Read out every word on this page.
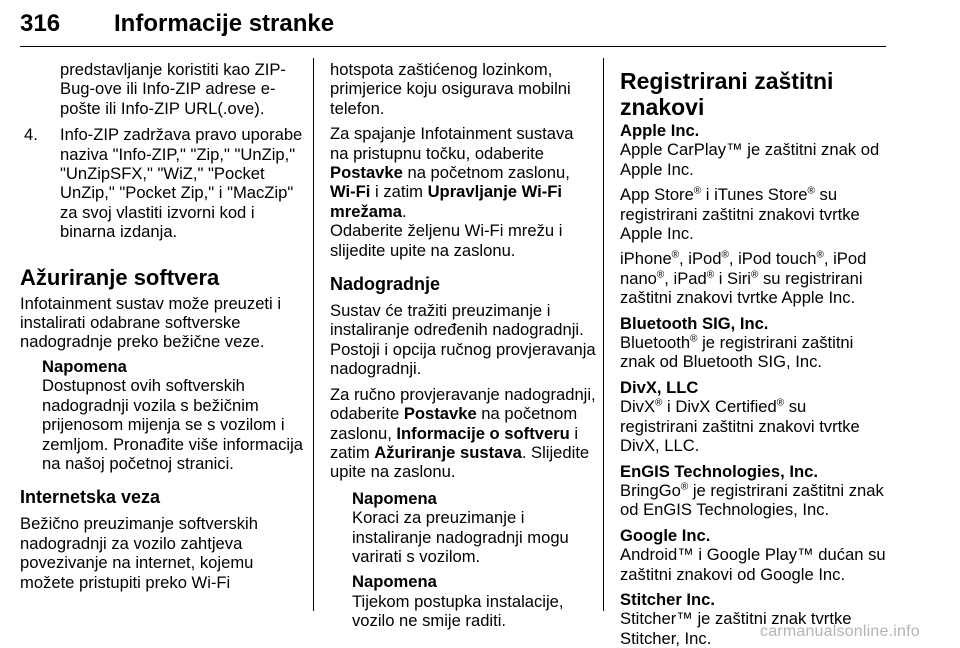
316 Informacije stranke

predstavljanje koristiti kao ZIP-Bug-ove ili Info-ZIP adrese e-pošte ili Info-ZIP URL(.ove).

4. Info-ZIP zadržava pravo uporabe naziva "Info-ZIP," "Zip," "UnZip," "UnZipSFX," "WiZ," "Pocket UnZip," "Pocket Zip," i "MacZip" za svoj vlastiti izvorni kod i binarna izdanja.

Ažuriranje softvera

Infotainment sustav može preuzeti i instalirati odabrane softverske nadogradnje preko bežične veze.

Napomena

Dostupnost ovih softverskih nadogradnji vozila s bežičnim prijenosom mijenja se s vozilom i zemljom. Pronađite više informacija na našoj početnoj stranici.

Internetska veza

Bežično preuzimanje softverskih nadogradnji za vozilo zahtjeva povezivanje na internet, kojemu možete pristupiti preko Wi-Fi

hotspota zaštićenog lozinkom, primjerice koju osigurava mobilni telefon.

Za spajanje Infotainment sustava na pristupnu točku, odaberite Postavke na početnom zaslonu, Wi-Fi i zatim Upravljanje Wi-Fi mrežama.
Odaberite željenu Wi-Fi mrežu i slijedite upite na zaslonu.

Nadogradnje

Sustav će tražiti preuzimanje i instaliranje određenih nadogradnji. Postoji i opcija ručnog provjeravanja nadogradnji.

Za ručno provjeravanje nadogradnji, odaberite Postavke na početnom zaslonu, Informacije o softveru i zatim Ažuriranje sustava. Slijedite upite na zaslonu.

Napomena

Koraci za preuzimanje i instaliranje nadogradnji mogu varirati s vozilom.

Napomena

Tijekom postupka instalacije, vozilo ne smije raditi.

Registrirani zaštitni znakovi

Apple Inc.

Apple CarPlay™ je zaštitni znak od Apple Inc.

App Store® i iTunes Store® su registrirani zaštitni znakovi tvrtke Apple Inc.

iPhone®, iPod®, iPod touch®, iPod nano®, iPad® i Siri® su registrirani zaštitni znakovi tvrtke Apple Inc.

Bluetooth SIG, Inc.

Bluetooth® je registrirani zaštitni znak od Bluetooth SIG, Inc.

DivX, LLC

DivX® i DivX Certified® su registrirani zaštitni znakovi tvrtke DivX, LLC.

EnGIS Technologies, Inc.

BringGo® je registrirani zaštitni znak od EnGIS Technologies, Inc.

Google Inc.

Android™ i Google Play™ dućan su zaštitni znakovi od Google Inc.

Stitcher Inc.

Stitcher™ je zaštitni znak tvrtke Stitcher, Inc.	carmanualsonline.info
